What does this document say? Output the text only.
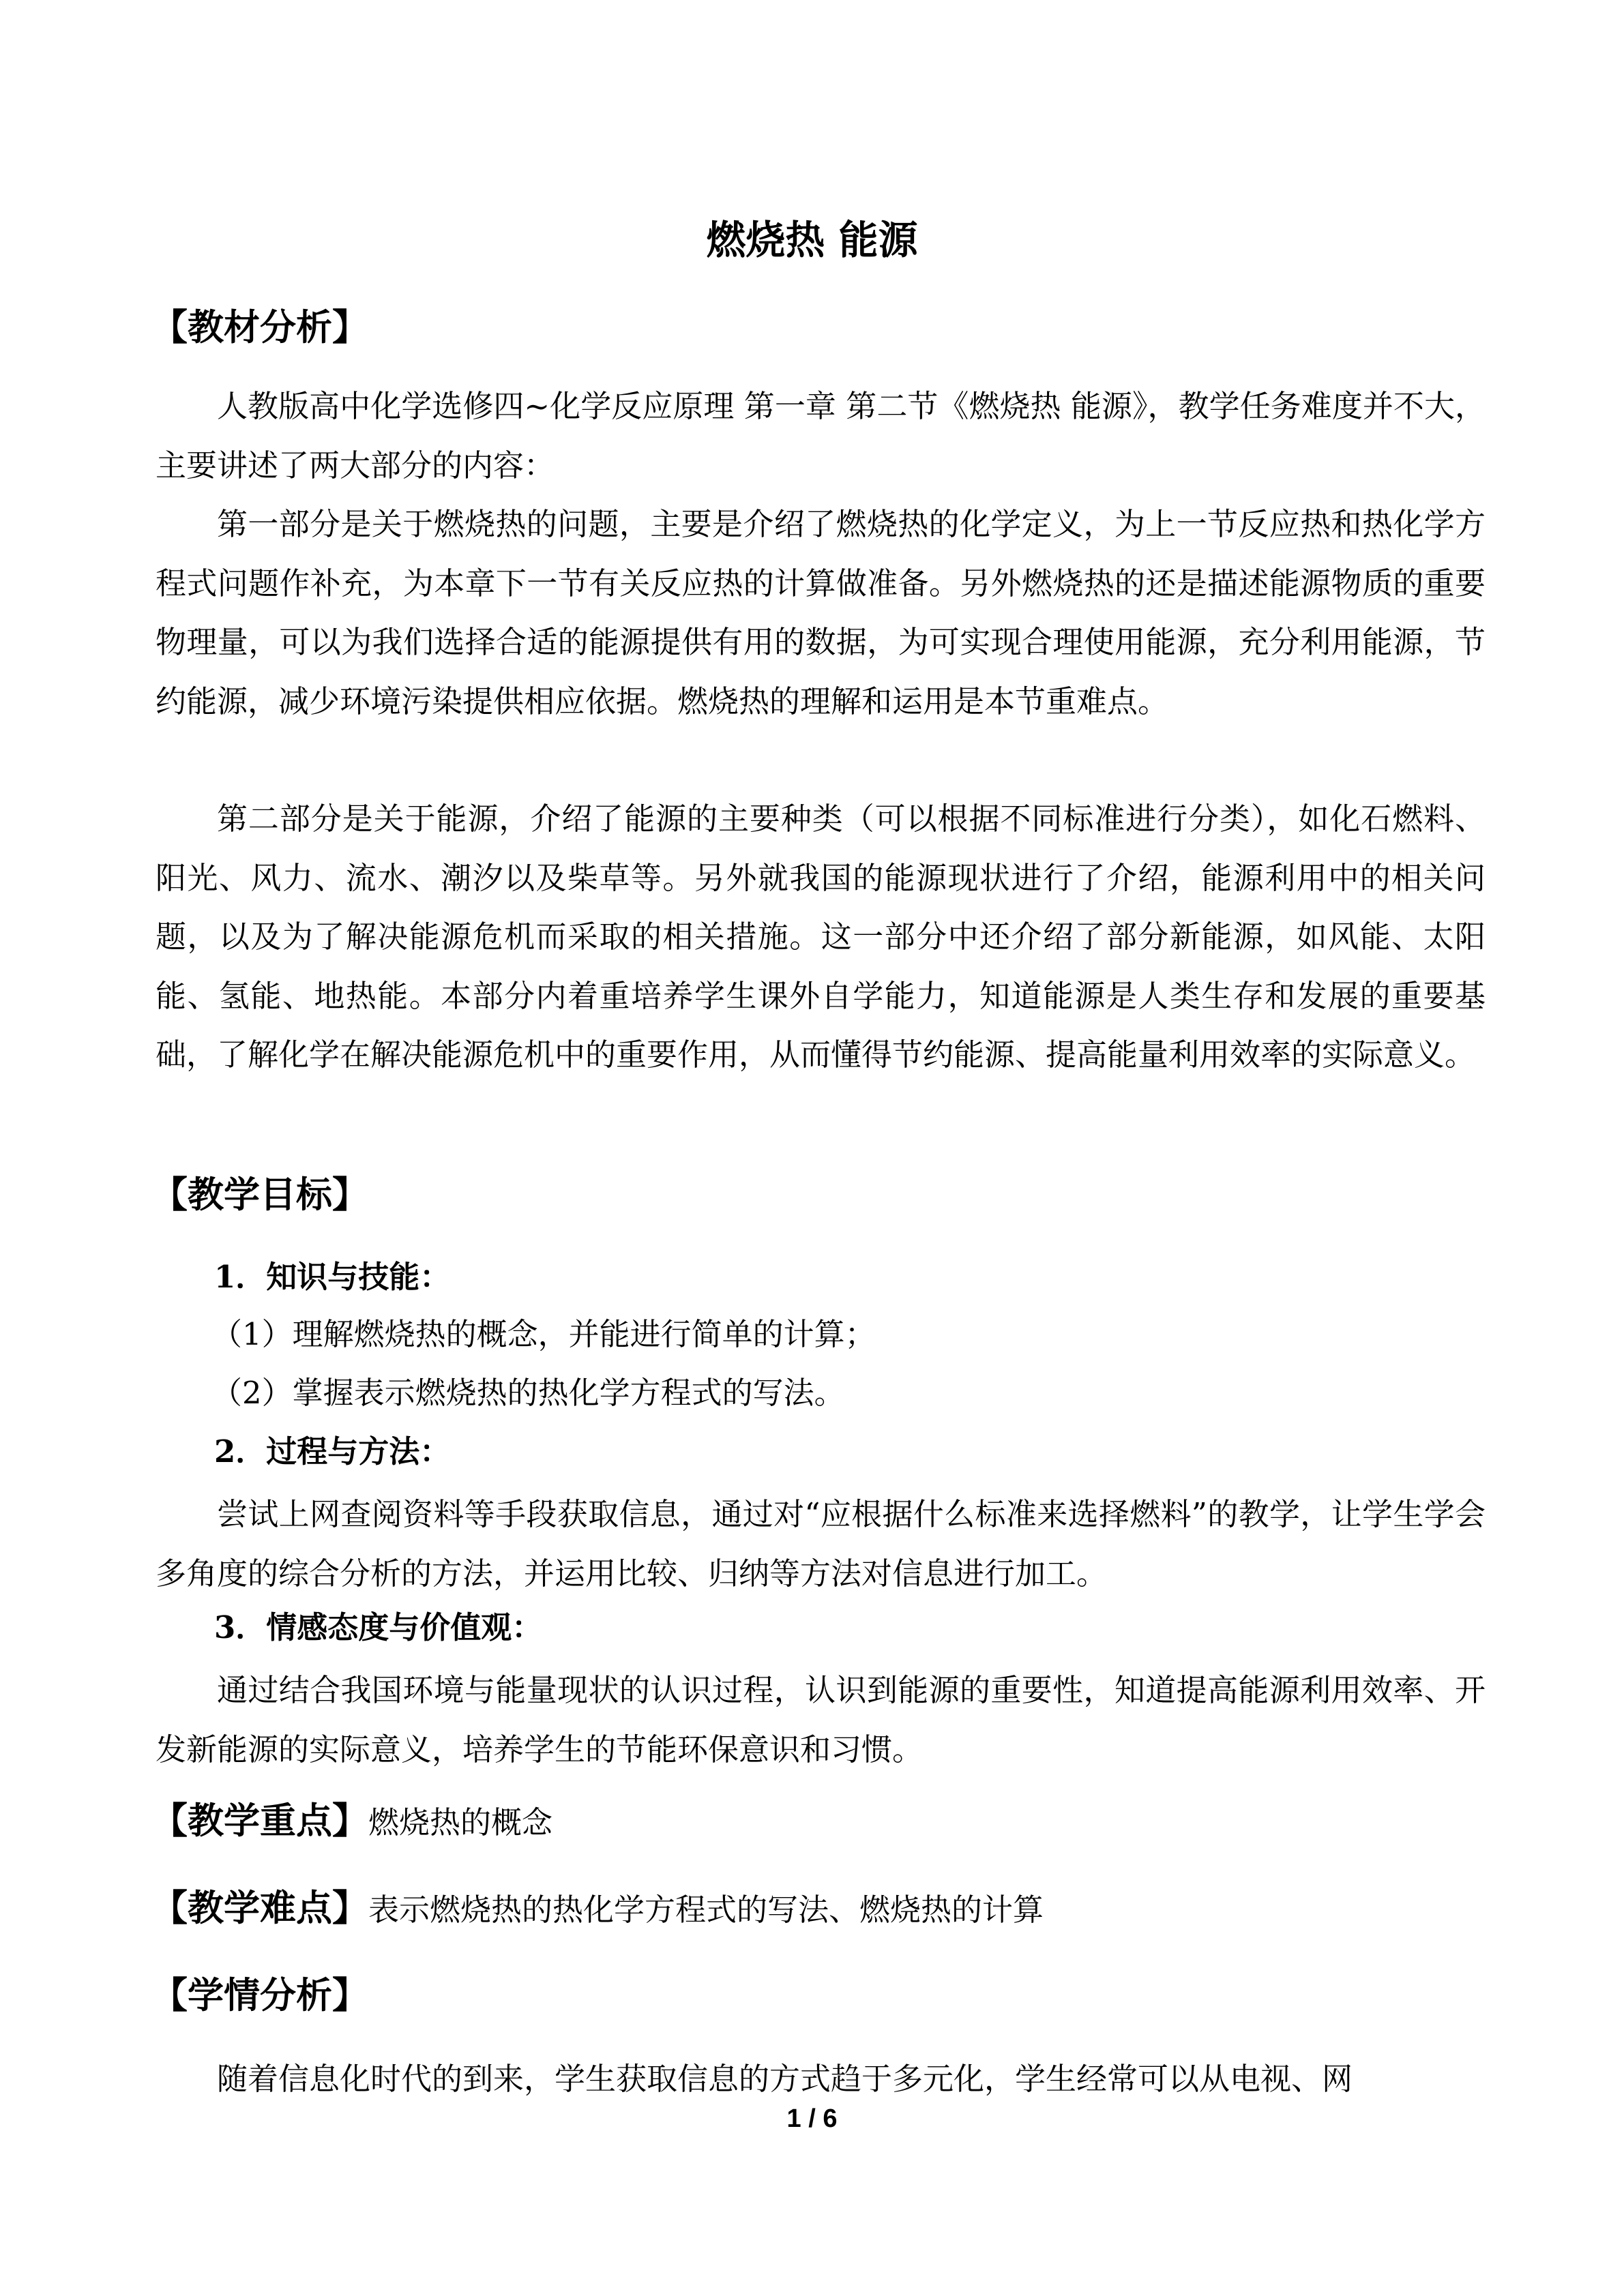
燃烧热 能源
【教材分析】

人教版高中化学选修四~化学反应原理 第一章 第二节《燃烧热 能源》，教学任务难度并不大，主要讲述了两大部分的内容：

第一部分是关于燃烧热的问题，主要是介绍了燃烧热的化学定义，为上一节反应热和热化学方程式问题作补充，为本章下一节有关反应热的计算做准备。另外燃烧热的还是描述能源物质的重要物理量，可以为我们选择合适的能源提供有用的数据，为可实现合理使用能源，充分利用能源，节约能源，减少环境污染提供相应依据。燃烧热的理解和运用是本节重难点。

第二部分是关于能源，介绍了能源的主要种类（可以根据不同标准进行分类），如化石燃料、阳光、风力、流水、潮汐以及柴草等。另外就我国的能源现状进行了介绍，能源利用中的相关问题，以及为了解决能源危机而采取的相关措施。这一部分中还介绍了部分新能源，如风能、太阳能、氢能、地热能。本部分内着重培养学生课外自学能力，知道能源是人类生存和发展的重要基础，了解化学在解决能源危机中的重要作用，从而懂得节约能源、提高能量利用效率的实际意义。

【教学目标】
1．知识与技能：
（1）理解燃烧热的概念，并能进行简单的计算；
（2）掌握表示燃烧热的热化学方程式的写法。
2．过程与方法：

尝试上网查阅资料等手段获取信息，通过对“应根据什么标准来选择燃料”的教学，让学生学会多角度的综合分析的方法，并运用比较、归纳等方法对信息进行加工。

3．情感态度与价值观：

通过结合我国环境与能量现状的认识过程，认识到能源的重要性，知道提高能源利用效率、开发新能源的实际意义，培养学生的节能环保意识和习惯。

【教学重点】燃烧热的概念
【教学难点】表示燃烧热的热化学方程式的写法、燃烧热的计算
【学情分析】

随着信息化时代的到来，学生获取信息的方式趋于多元化，学生经常可以从电视、网

1 / 6
